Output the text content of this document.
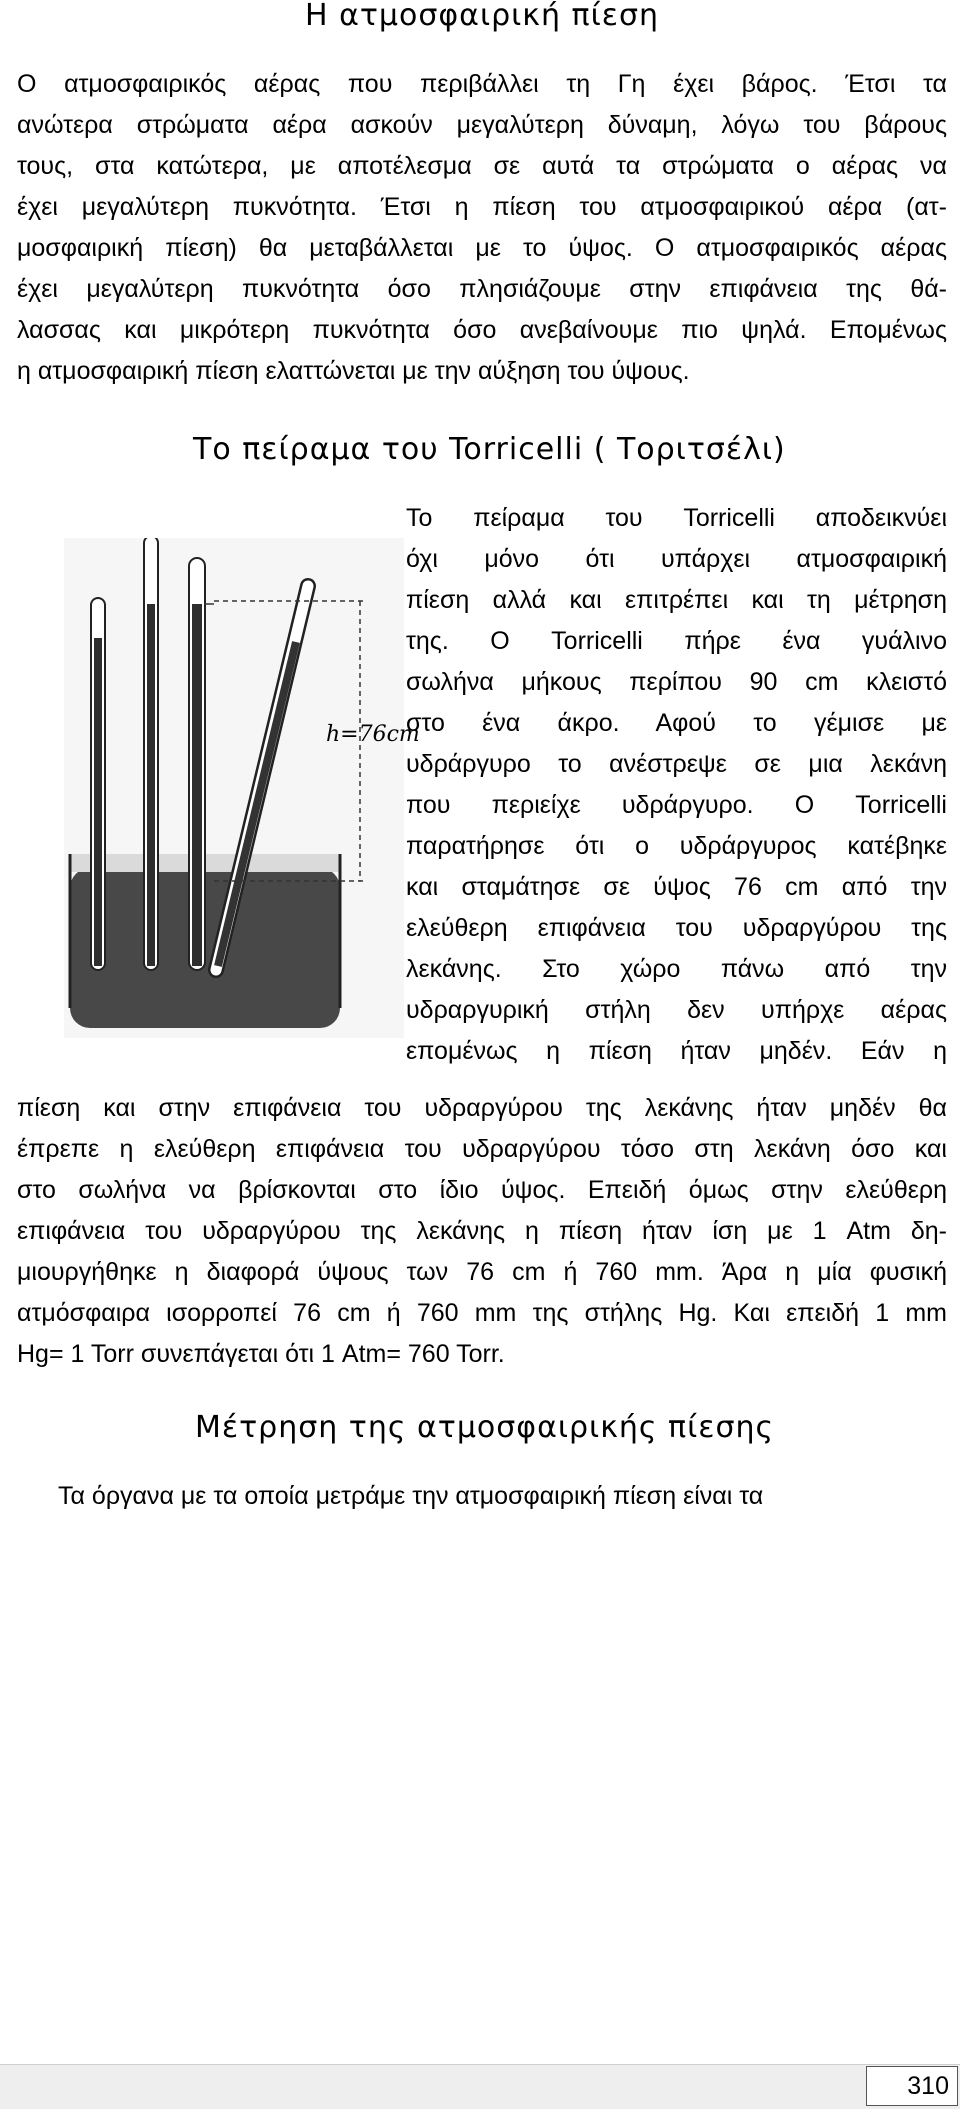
Η ατμοσφαιρική πίεση
Ο ατμοσφαιρικός αέρας που περιβάλλει τη Γη έχει βάρος. Έτσι τα
ανώτερα στρώματα αέρα ασκούν μεγαλύτερη δύναμη, λόγω του βάρους
τους, στα κατώτερα, με αποτέλεσμα σε αυτά τα στρώματα ο αέρας να
έχει μεγαλύτερη πυκνότητα. Έτσι η πίεση του ατμοσφαιρικού αέρα (ατ-
μοσφαιρική πίεση) θα μεταβάλλεται με το ύψος. Ο ατμοσφαιρικός αέρας
έχει μεγαλύτερη πυκνότητα όσο πλησιάζουμε στην επιφάνεια της θά-
λασσας και μικρότερη πυκνότητα όσο ανεβαίνουμε πιο ψηλά. Επομένως
η ατμοσφαιρική πίεση ελαττώνεται με την αύξηση του ύψους.
Το πείραμα του Torricelli ( Τοριτσέλι)
h=76cm
Το πείραμα του Torricelli αποδεικνύει
όχι μόνο ότι υπάρχει ατμοσφαιρική
πίεση αλλά και επιτρέπει και τη μέτρηση
της. Ο Torricelli πήρε ένα γυάλινο
σωλήνα μήκους περίπου 90 cm κλειστό
στο ένα άκρο. Αφού το γέμισε με
υδράργυρο το ανέστρεψε σε μια λεκάνη
που περιείχε υδράργυρο. Ο Torricelli
παρατήρησε ότι ο υδράργυρος κατέβηκε
και σταμάτησε σε ύψος 76 cm από την
ελεύθερη επιφάνεια του υδραργύρου της
λεκάνης. Στο χώρο πάνω από την
υδραργυρική στήλη δεν υπήρχε αέρας
επομένως η πίεση ήταν μηδέν. Εάν η
πίεση και στην επιφάνεια του υδραργύρου της λεκάνης ήταν μηδέν θα
έπρεπε η ελεύθερη επιφάνεια του υδραργύρου τόσο στη λεκάνη όσο και
στο σωλήνα να βρίσκονται στο ίδιο ύψος. Επειδή όμως στην ελεύθερη
επιφάνεια του υδραργύρου της λεκάνης η πίεση ήταν ίση με 1 Atm δη-
μιουργήθηκε η διαφορά ύψους των 76 cm ή 760 mm. Άρα η μία φυσική
ατμόσφαιρα ισορροπεί 76 cm ή 760 mm της στήλης Hg. Και επειδή 1 mm
Hg= 1 Torr συνεπάγεται ότι 1 Atm= 760 Torr.
Μέτρηση της ατμοσφαιρικής πίεσης
Τα όργανα με τα οποία μετράμε την ατμοσφαιρική πίεση είναι τα
310
